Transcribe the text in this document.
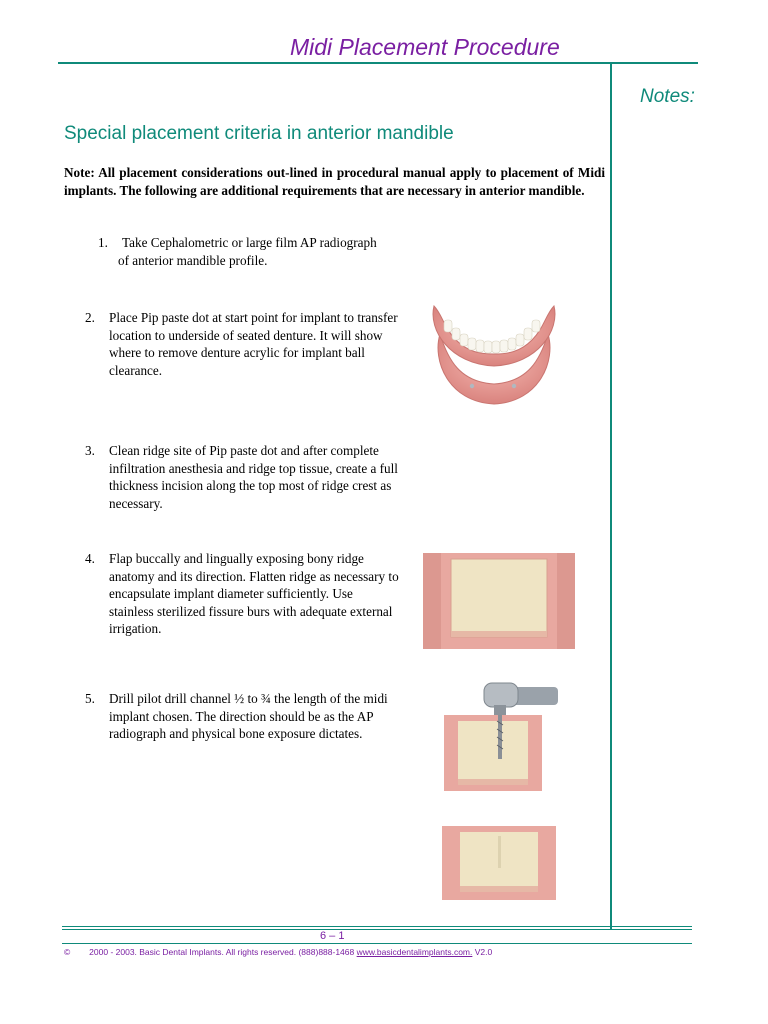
Midi Placement Procedure
Notes:
Special placement criteria in anterior mandible
Note: All placement considerations out-lined in procedural manual apply to placement of Midi implants. The following are additional requirements that are necessary in anterior mandible.
1.	Take Cephalometric or large film AP radiograph of anterior mandible profile.
2. Place Pip paste dot at start point for implant to transfer location to underside of seated denture. It will show where to remove denture acrylic for implant ball clearance.
3. Clean ridge site of Pip paste dot and after complete infiltration anesthesia and ridge top tissue, create a full thickness incision along the top most of ridge crest as necessary.
4. Flap buccally and lingually exposing bony ridge anatomy and its direction. Flatten ridge as necessary to encapsulate implant diameter sufficiently. Use stainless sterilized fissure burs with adequate external irrigation.
5. Drill pilot drill channel ½ to ¾ the length of the midi implant chosen. The direction should be as the AP radiograph and physical bone exposure dictates.
6 – 1
© 2000 - 2003. Basic Dental Implants. All rights reserved. (888)888-1468 www.basicdentalimplants.com. V2.0
